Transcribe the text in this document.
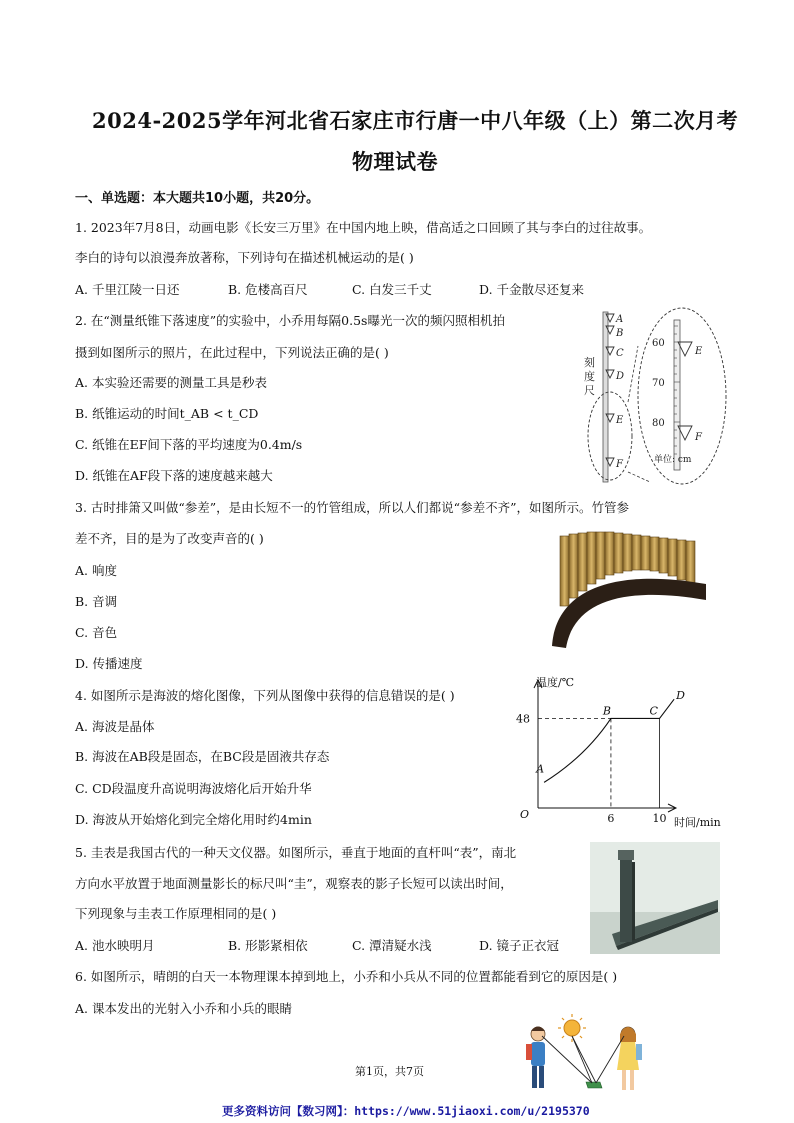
2024-2025学年河北省石家庄市行唐一中八年级（上）第二次月考
物理试卷
一、单选题：本大题共10小题，共20分。
1. 2023年7月8日，动画电影《长安三万里》在中国内地上映，借高适之口回顾了其与李白的过往故事。
李白的诗句以浪漫奔放著称，下列诗句在描述机械运动的是( )
A. 千里江陵一日还	B. 危楼高百尺	C. 白发三千丈	D. 千金散尽还复来
2. 在“测量纸锥下落速度”的实验中，小乔用每隔0.5s曝光一次的频闪照相机拍
摄到如图所示的照片，在此过程中，下列说法正确的是( )
A. 本实验还需要的测量工具是秒表
B. 纸锥运动的时间t_AB < t_CD
C. 纸锥在EF间下落的平均速度为0.4m/s
D. 纸锥在AF段下落的速度越来越大
刻度尺
A
B
C
D
E
F
60
70
80
E
F
单位: cm
3. 古时排箫又叫做“参差”，是由长短不一的竹管组成，所以人们都说“参差不齐”，如图所示。竹管参
差不齐，目的是为了改变声音的( )
A. 响度
B. 音调
C. 音色
D. 传播速度
4. 如图所示是海波的熔化图像，下列从图像中获得的信息错误的是( )
A. 海波是晶体
B. 海波在AB段是固态，在BC段是固液共存态
C. CD段温度升高说明海波熔化后开始升华
D. 海波从开始熔化到完全熔化用时约4min
温度/℃
时间/min
O
48
6	10
A
B	C
D
5. 圭表是我国古代的一种天文仪器。如图所示，垂直于地面的直杆叫“表”，南北
方向水平放置于地面测量影长的标尺叫“圭”，观察表的影子长短可以读出时间，
下列现象与圭表工作原理相同的是( )
A. 池水映明月	B. 形影紧相依	C. 潭清疑水浅	D. 镜子正衣冠
6. 如图所示，晴朗的白天一本物理课本掉到地上，小乔和小兵从不同的位置都能看到它的原因是( )
A. 课本发出的光射入小乔和小兵的眼睛
第1页，共7页
更多资料访问【数习网】：https://www.51jiaoxi.com/u/2195370
